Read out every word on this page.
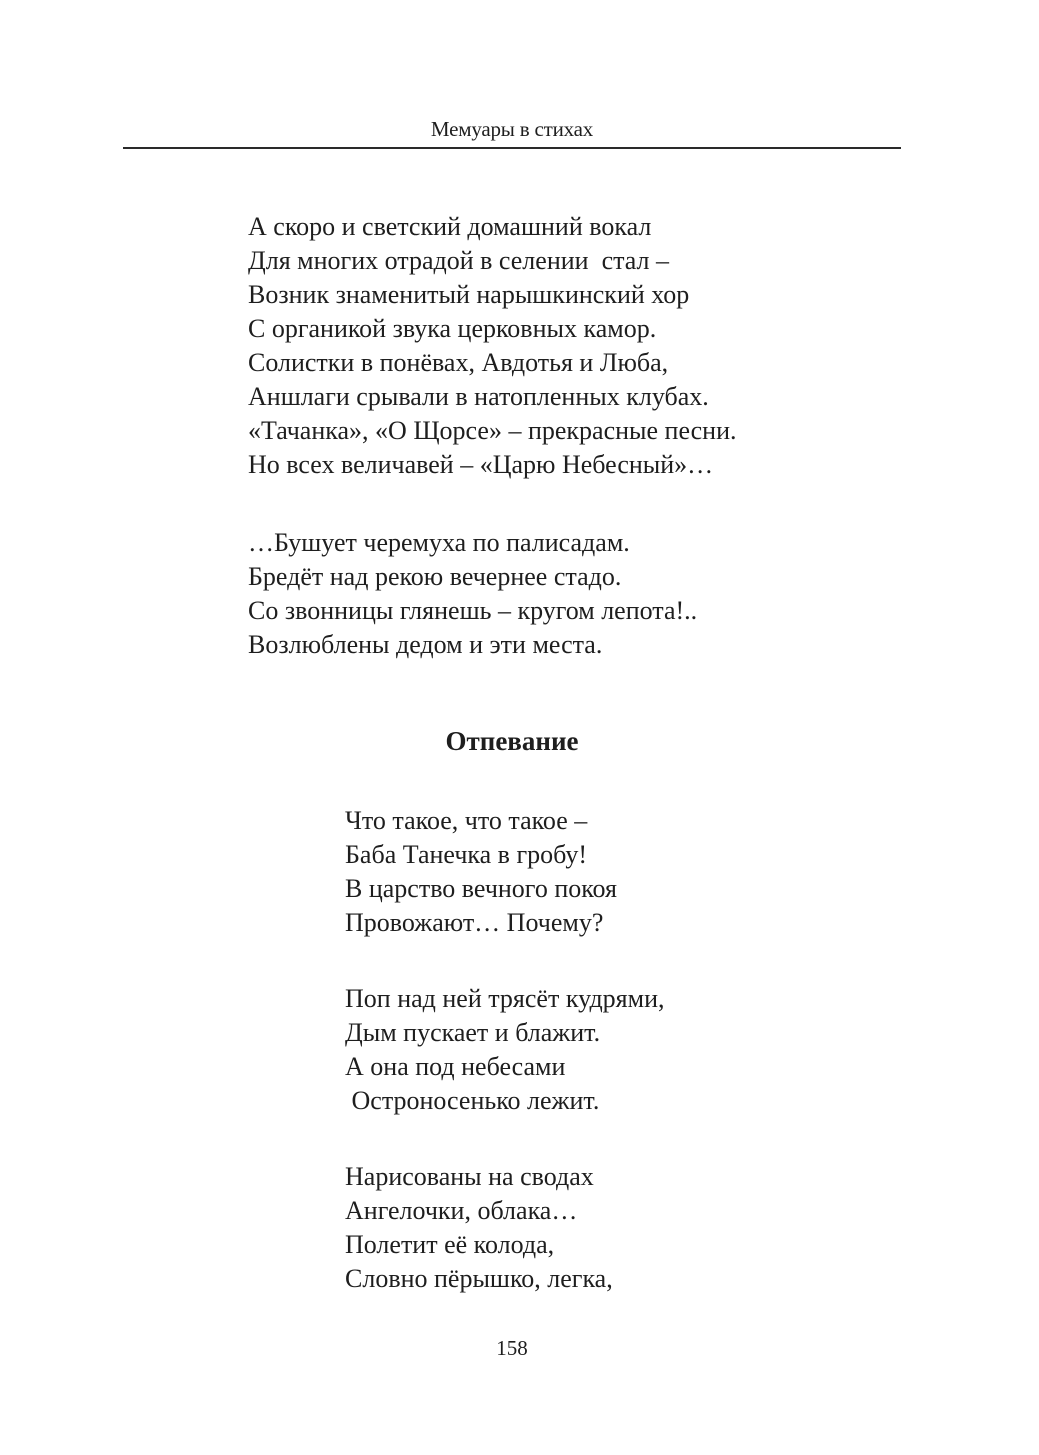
Мемуары в стихах
А скоро и светский домашний вокал
Для многих отрадой в селении  стал –
Возник знаменитый нарышкинский хор
С органикой звука церковных камор.
Солистки в понёвах, Авдотья и Люба,
Аншлаги срывали в натопленных клубах.
«Тачанка», «О Щорсе» – прекрасные песни.
Но всех величавей – «Царю Небесный»…
…Бушует черемуха по палисадам.
Бредёт над рекою вечернее стадо.
Со звонницы глянешь – кругом лепота!..
Возлюблены дедом и эти места.
Отпевание
Что такое, что такое –
Баба Танечка в гробу!
В царство вечного покоя
Провожают… Почему?
Поп над ней трясёт кудрями,
Дым пускает и блажит.
А она под небесами
Остроносенько лежит.
Нарисованы на сводах
Ангелочки, облака…
Полетит её колода,
Словно пёрышко, легка,
158
